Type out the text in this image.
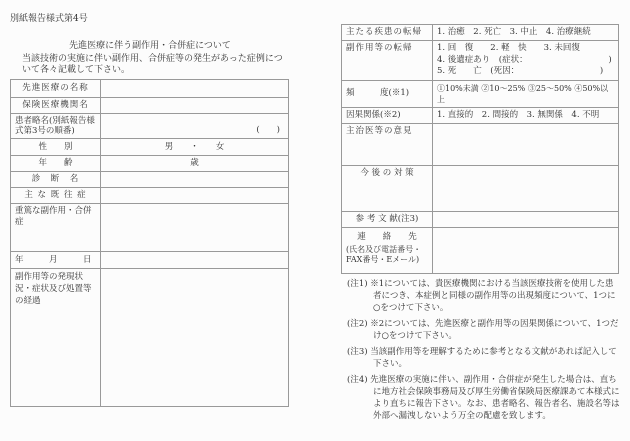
別紙報告様式第4号
先進医療に伴う副作用・合併症について
当該技術の実施に伴い副作用、合併症等の発生があった症例について各々記載して下さい。
先進医療の名称	
保険医療機関名	
患者略名(別紙報告様式第3号の順番)	(　　)
性　　別	男　　・　　女
年　　齢	歳
診　断　名	
主 な 既 往 症	
重篤な副作用・合併症	
年　　　月　　　日	
副作用等の発現状況・症状及び処置等の経過	
主たる疾患の転帰	1. 治癒　2. 死亡　3. 中止　4. 治療継続
副作用等の転帰	1. 回　復　　2. 軽　快　　3. 未回復
4. 後遺症あり　(症状：　　　　　　　　　　)
5. 死　　亡　(死因：　　　　　　　　　　)

頻　　　度(※1)	①10%未満 ②10～25% ③25～50% ④50%以上
因果関係(※2)	1. 直接的　2. 間接的　3. 無関係　4. 不明
主治医等の意見	
今 後 の 対 策	
参 考 文 献(注3)	

連　　絡　　先
(氏名及び電話番号・FAX番号・Eメール)	

(注1) ※1については、貴医療機関における当該医療技術を使用した患者につき、本症例と同様の副作用等の出現頻度について、1つに○をつけて下さい。
(注2) ※2については、先進医療と副作用等の因果関係について、1つだけ○をつけて下さい。
(注3) 当該副作用等を理解するために参考となる文献があれば記入して下さい。
(注4) 先進医療の実施に伴い、副作用・合併症が発生した場合は、直ちに地方社会保険事務局及び厚生労働省保険局医療課あて本様式により直ちに報告下さい。なお、患者略名、報告者名、施設名等は外部へ漏洩しないよう万全の配慮を致します。
